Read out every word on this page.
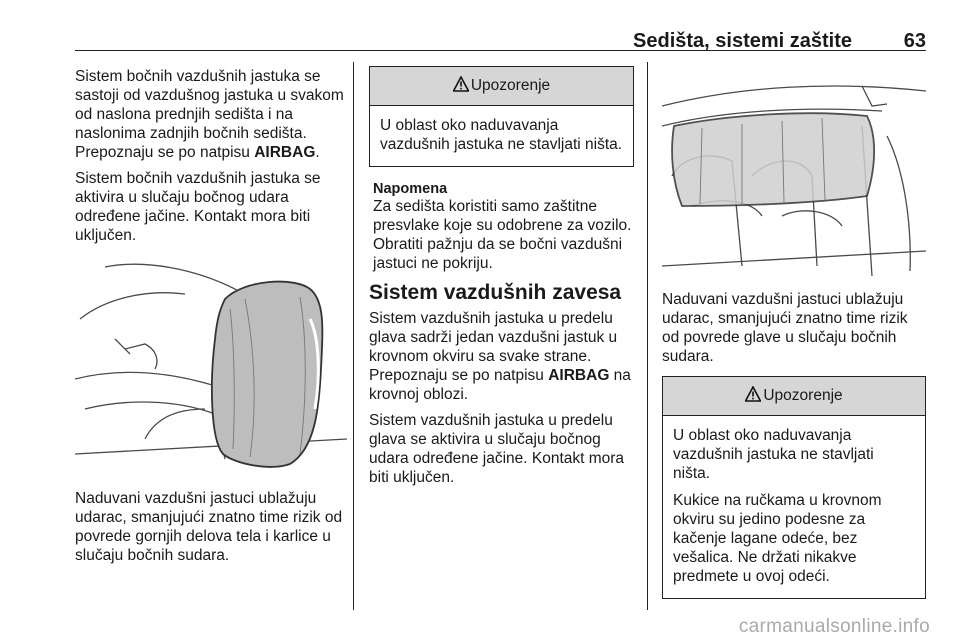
Sedišta, sistemi zaštite	63

Sistem bočnih vazdušnih jastuka se sastoji od vazdušnog jastuka u svakom od naslona prednjih sedišta i na naslonima zadnjih bočnih sedišta. Prepoznaju se po natpisu AIRBAG.

Sistem bočnih vazdušnih jastuka se aktivira u slučaju bočnog udara određene jačine. Kontakt mora biti uključen.

Naduvani vazdušni jastuci ublažuju udarac, smanjujući znatno time rizik od povrede gornjih delova tela i karlice u slučaju bočnih sudara.

Upozorenje

U oblast oko naduvavanja vazdušnih jastuka ne stavljati ništa.

Napomena

Za sedišta koristiti samo zaštitne presvlake koje su odobrene za vozilo. Obratiti pažnju da se bočni vazdušni jastuci ne pokriju.

Sistem vazdušnih zavesa

Sistem vazdušnih jastuka u predelu glava sadrži jedan vazdušni jastuk u krovnom okviru sa svake strane. Prepoznaju se po natpisu AIRBAG na krovnoj oblozi.

Sistem vazdušnih jastuka u predelu glava se aktivira u slučaju bočnog udara određene jačine. Kontakt mora biti uključen.

Naduvani vazdušni jastuci ublažuju udarac, smanjujući znatno time rizik od povrede glave u slučaju bočnih sudara.

Upozorenje

U oblast oko naduvavanja vazdušnih jastuka ne stavljati ništa.

Kukice na ručkama u krovnom okviru su jedino podesne za kačenje lagane odeće, bez vešalica. Ne držati nikakve predmete u ovoj odeći.

carmanualsonline.info
